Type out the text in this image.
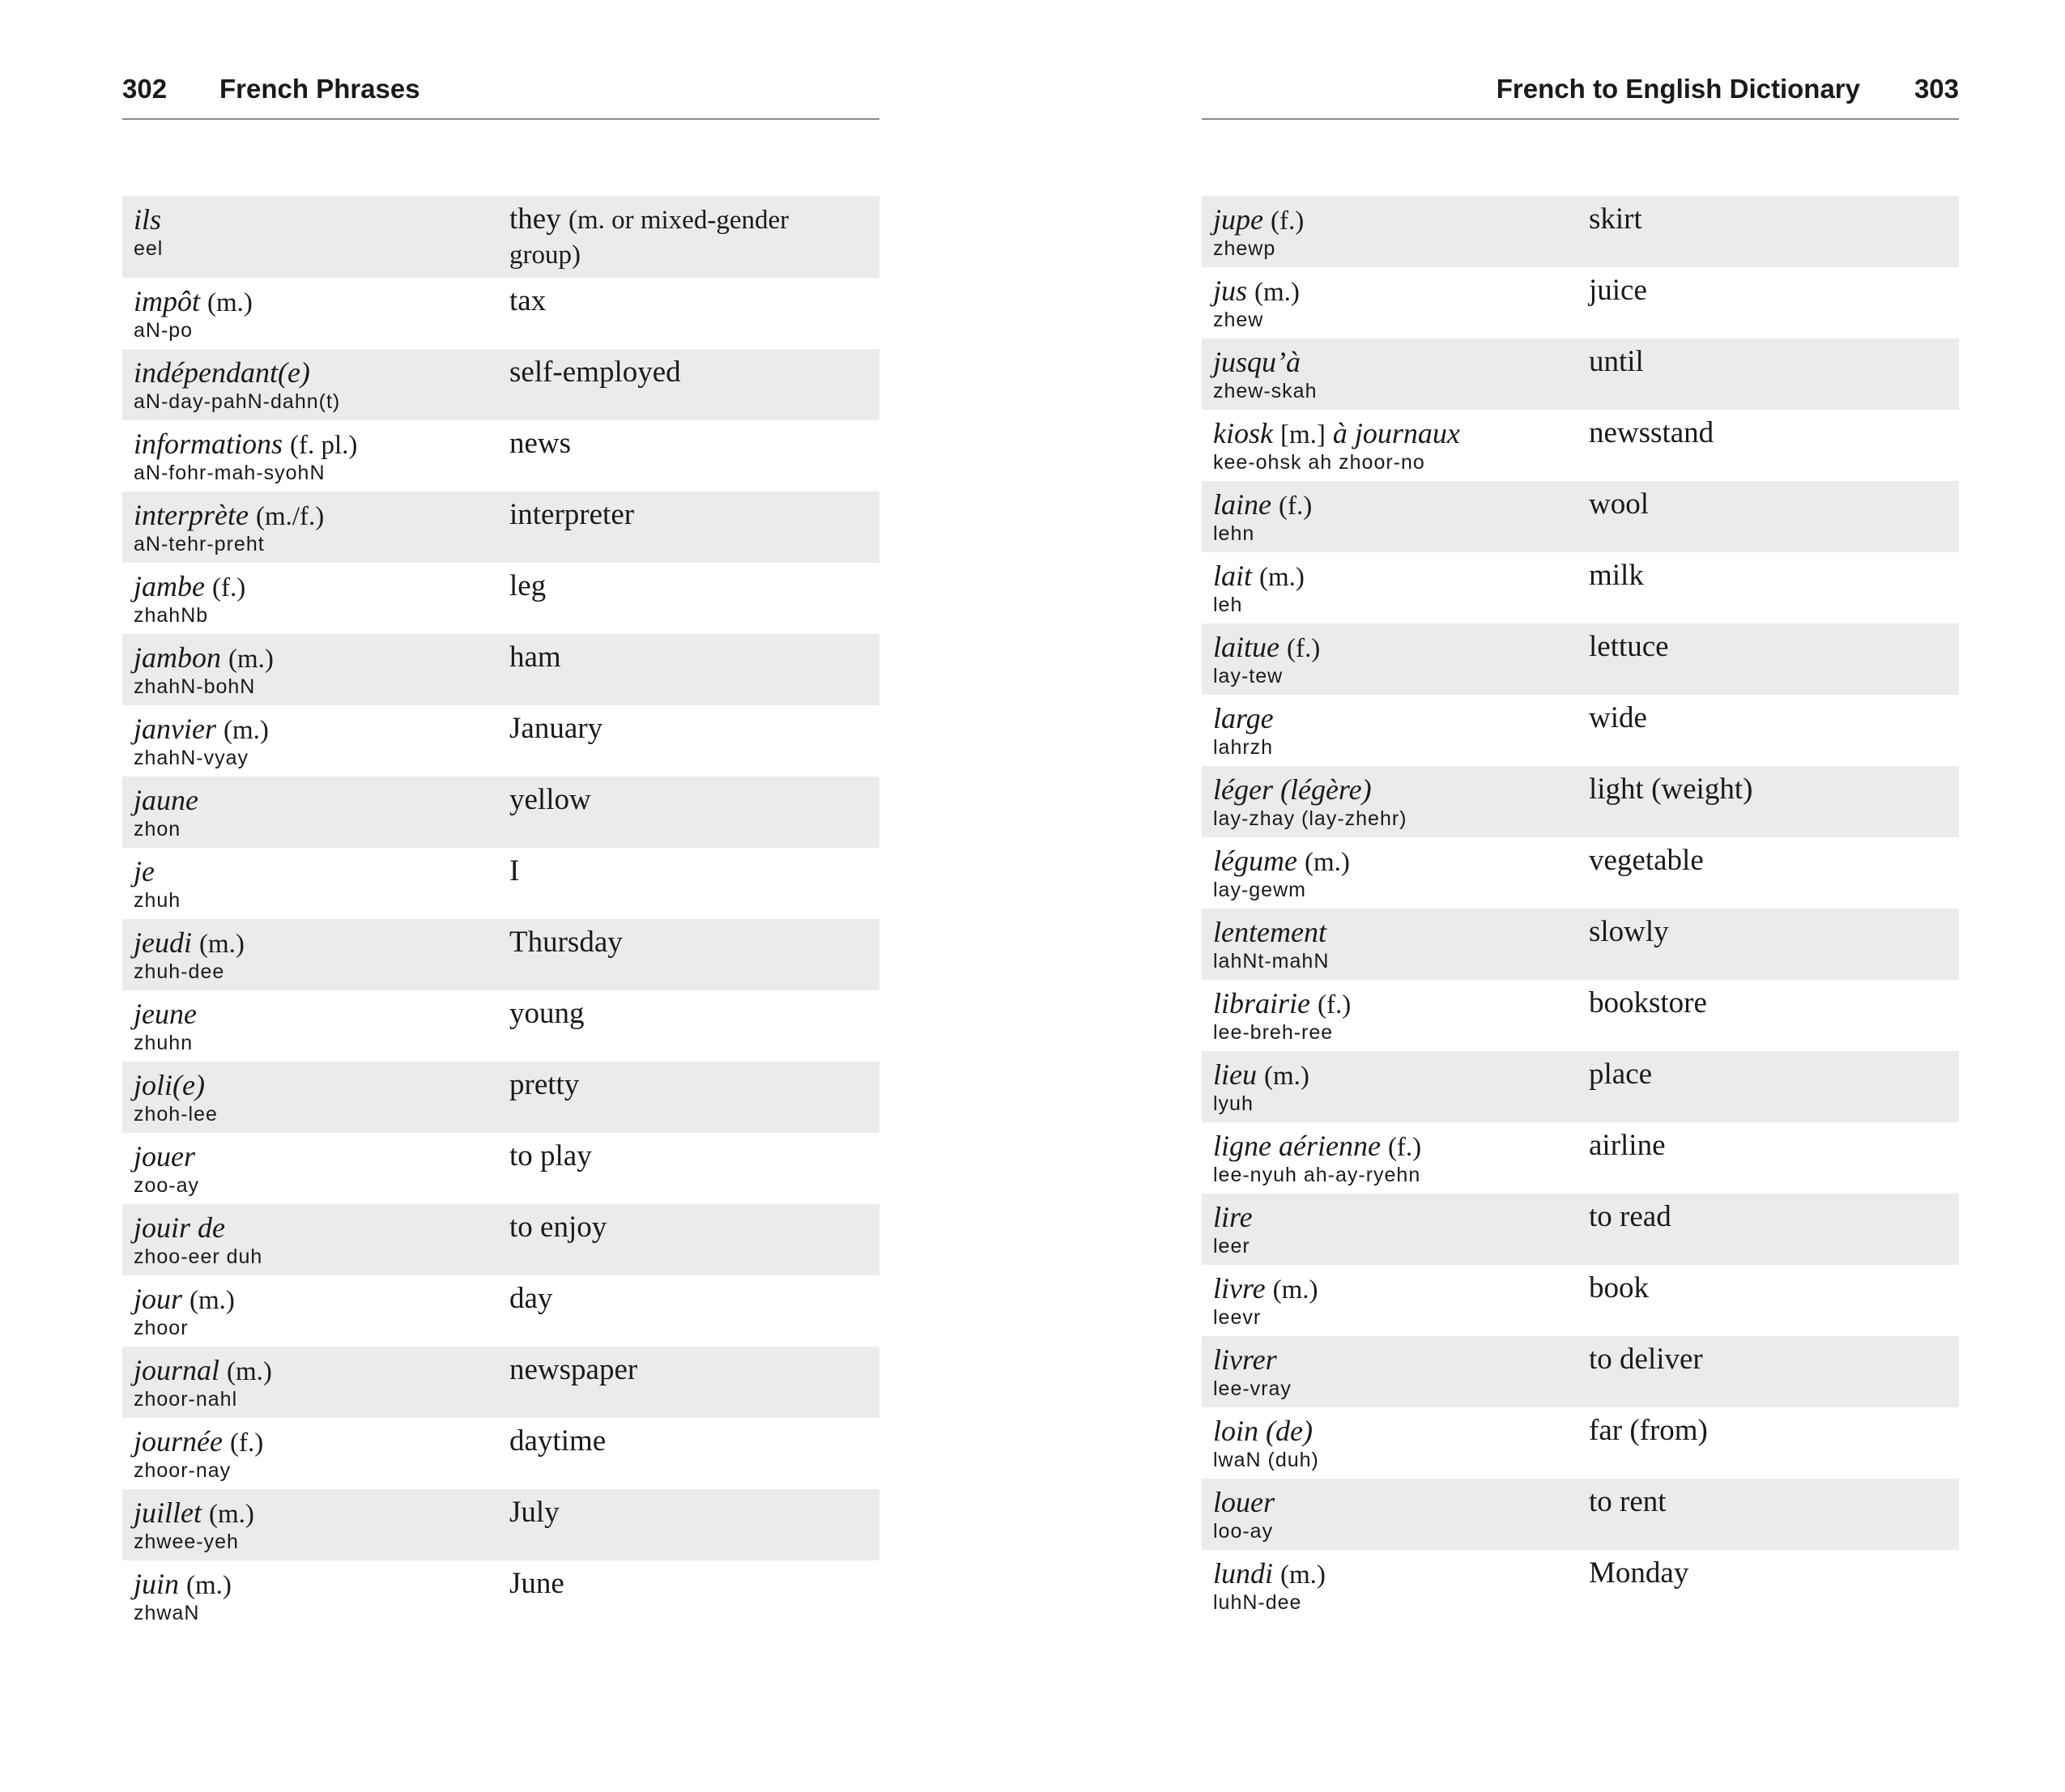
302 French Phrases
ils
eel
they (m. or mixed-gender group)
impôt (m.)
aN-po
tax
indépendant(e)
aN-day-pahN-dahn(t)
self-employed
informations (f. pl.)
aN-fohr-mah-syohN
news
interprète (m./f.)
aN-tehr-preht
interpreter
jambe (f.)
zhahNb
leg
jambon (m.)
zhahN-bohN
ham
janvier (m.)
zhahN-vyay
January
jaune
zhon
yellow
je
zhuh
I
jeudi (m.)
zhuh-dee
Thursday
jeune
zhuhn
young
joli(e)
zhoh-lee
pretty
jouer
zoo-ay
to play
jouir de
zhoo-eer duh
to enjoy
jour (m.)
zhoor
day
journal (m.)
zhoor-nahl
newspaper
journée (f.)
zhoor-nay
daytime
juillet (m.)
zhwee-yeh
July
juin (m.)
zhwaN
June
French to English Dictionary 303
jupe (f.)
zhewp
skirt
jus (m.)
zhew
juice
jusqu’à
zhew-skah
until
kiosk [m.] à journaux
kee-ohsk ah zhoor-no
newsstand
laine (f.)
lehn
wool
lait (m.)
leh
milk
laitue (f.)
lay-tew
lettuce
large
lahrzh
wide
léger (légère)
lay-zhay (lay-zhehr)
light (weight)
légume (m.)
lay-gewm
vegetable
lentement
lahNt-mahN
slowly
librairie (f.)
lee-breh-ree
bookstore
lieu (m.)
lyuh
place
ligne aérienne (f.)
lee-nyuh ah-ay-ryehn
airline
lire
leer
to read
livre (m.)
leevr
book
livrer
lee-vray
to deliver
loin (de)
lwaN (duh)
far (from)
louer
loo-ay
to rent
lundi (m.)
luhN-dee
Monday
